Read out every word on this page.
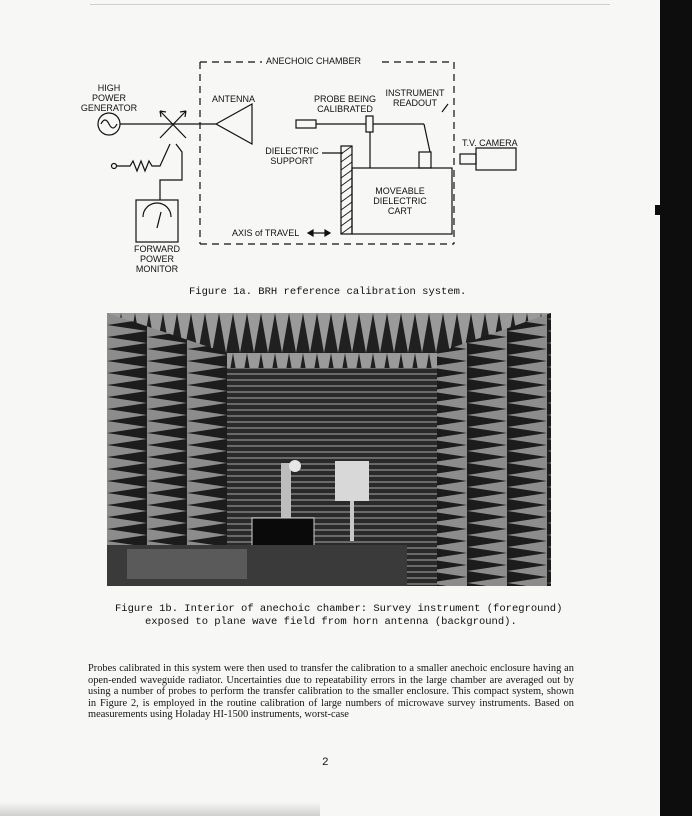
ANECHOIC CHAMBER
HIGH
POWER
GENERATOR
ANTENNA	PROBE BEING
CALIBRATED
INSTRUMENT
READOUT
T.V. CAMERA
DIELECTRIC
SUPPORT
MOVEABLE
DIELECTRIC
CART
AXIS of TRAVEL
FORWARD
POWER
MONITOR
Figure 1a. BRH reference calibration system.
Figure 1b. Interior of anechoic chamber: Survey instrument (foreground)
exposed to plane wave field from horn antenna (background).
Probes calibrated in this system were then used to transfer the calibration to a smaller anechoic enclosure having an open-ended waveguide radiator. Uncertainties due to repeatability errors in the large chamber are averaged out by using a number of probes to perform the transfer calibration to the smaller enclosure. This compact system, shown in Figure 2, is employed in the routine calibration of large numbers of microwave survey instruments. Based on measurements using Holaday HI-1500 instruments, worst-case
2
